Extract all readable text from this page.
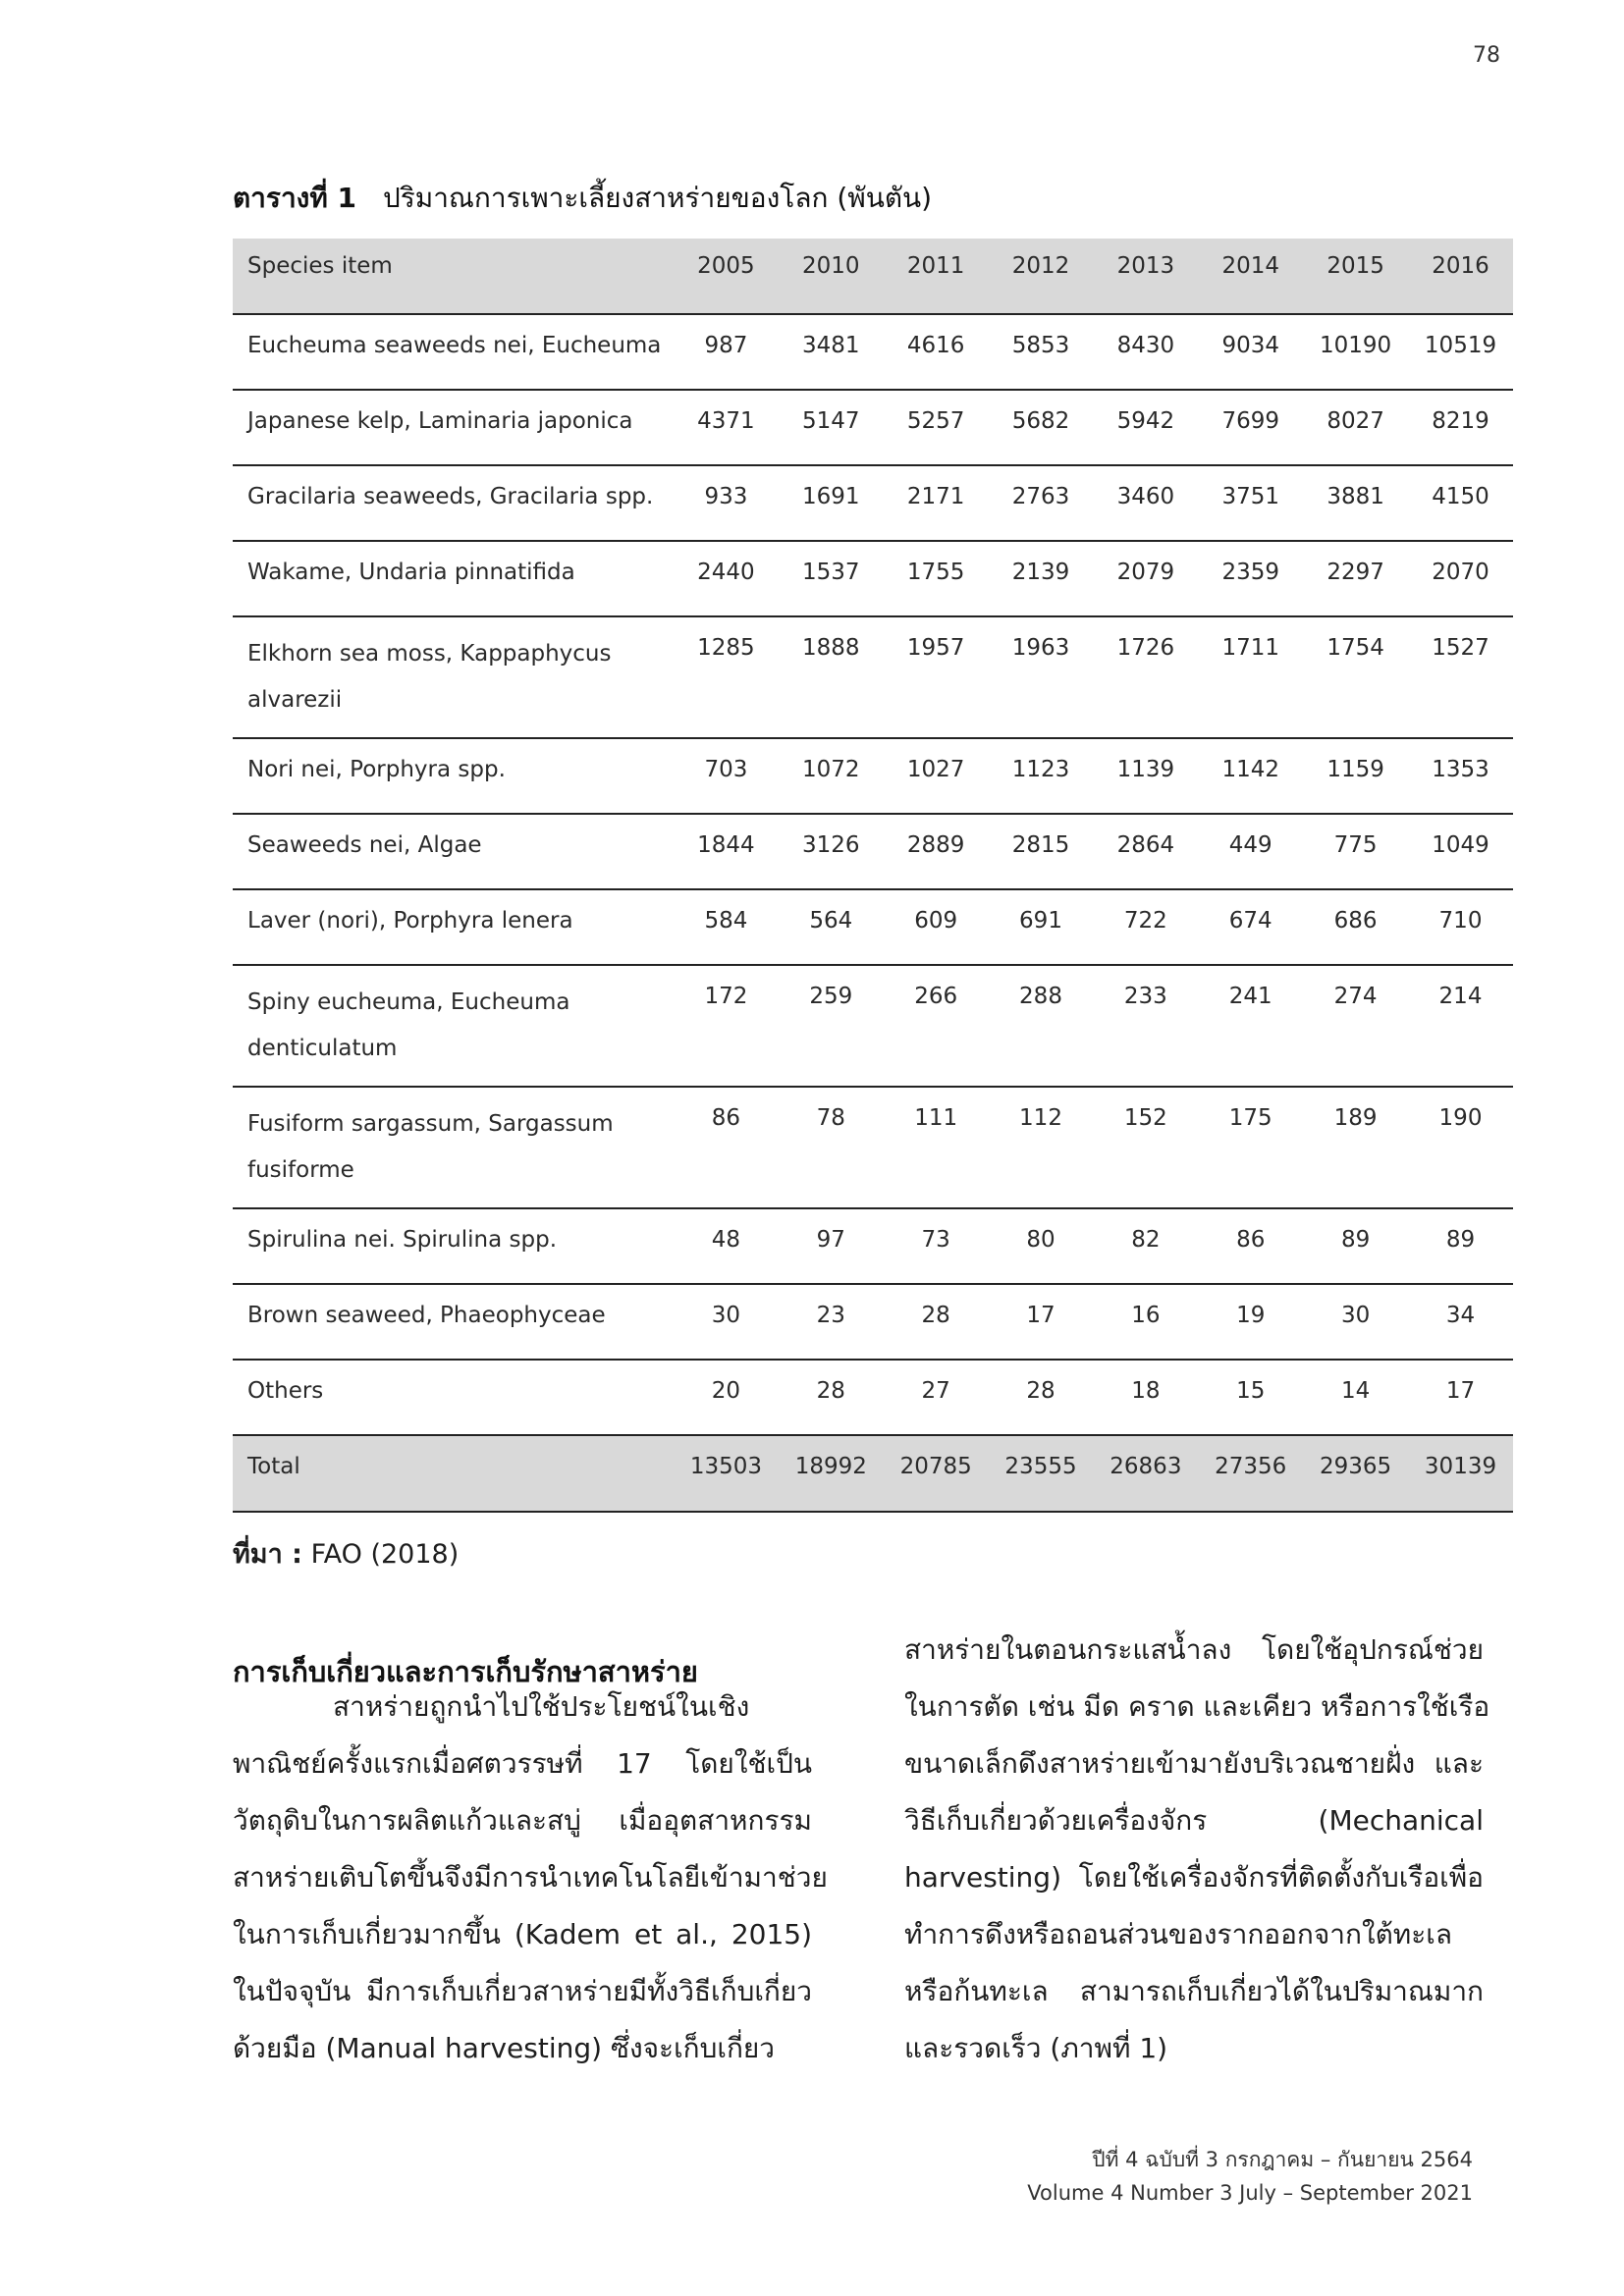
78
ตารางที่ 1 ปริมาณการเพาะเลี้ยงสาหร่ายของโลก (พันตัน)
Species item	2005	2010	2011	2012	2013	2014	2015	2016

Eucheuma seaweeds nei, Eucheuma	987	3481	4616	5853	8430	9034	10190	10519

Japanese kelp, Laminaria japonica	4371	5147	5257	5682	5942	7699	8027	8219

Gracilaria seaweeds, Gracilaria spp.	933	1691	2171	2763	3460	3751	3881	4150

Wakame, Undaria pinnatifida	2440	1537	1755	2139	2079	2359	2297	2070

Elkhorn sea moss, Kappaphycus
alvarezii	1285	1888	1957	1963	1726	1711	1754	1527

Nori nei, Porphyra spp.	703	1072	1027	1123	1139	1142	1159	1353

Seaweeds nei, Algae	1844	3126	2889	2815	2864	449	775	1049

Laver (nori), Porphyra lenera	584	564	609	691	722	674	686	710

Spiny eucheuma, Eucheuma
denticulatum	172	259	266	288	233	241	274	214

Fusiform sargassum, Sargassum
fusiforme	86	78	111	112	152	175	189	190

Spirulina nei. Spirulina spp.	48	97	73	80	82	86	89	89

Brown seaweed, Phaeophyceae	30	23	28	17	16	19	30	34

Others	20	28	27	28	18	15	14	17
Total	13503	18992	20785	23555	26863	27356	29365	30139
ที่มา : FAO (2018)
การเก็บเกี่ยวและการเก็บรักษาสาหร่าย
สาหร่ายถูกนำไปใช้ประโยชน์ในเชิง
พาณิชย์ครั้งแรกเมื่อศตวรรษที่ 17 โดยใช้เป็น
วัตถุดิบในการผลิตแก้วและสบู่ เมื่ออุตสาหกรรม
สาหร่ายเติบโตขึ้นจึงมีการนำเทคโนโลยีเข้ามาช่วย
ในการเก็บเกี่ยวมากขึ้น (Kadem et al., 2015)
ในปัจจุบัน มีการเก็บเกี่ยวสาหร่ายมีทั้งวิธีเก็บเกี่ยว
ด้วยมือ (Manual harvesting) ซึ่งจะเก็บเกี่ยว
สาหร่ายในตอนกระแสน้ำลง โดยใช้อุปกรณ์ช่วย
ในการตัด เช่น มีด คราด และเคียว หรือการใช้เรือ
ขนาดเล็กดึงสาหร่ายเข้ามายังบริเวณชายฝั่ง และ
วิธีเก็บเกี่ยวด้วยเครื่องจักร (Mechanical
harvesting) โดยใช้เครื่องจักรที่ติดตั้งกับเรือเพื่อ
ทำการดึงหรือถอนส่วนของรากออกจากใต้ทะเล
หรือก้นทะเล สามารถเก็บเกี่ยวได้ในปริมาณมาก
และรวดเร็ว (ภาพที่ 1)
ปีที่ 4 ฉบับที่ 3 กรกฎาคม – กันยายน 2564
Volume 4 Number 3 July – September 2021
